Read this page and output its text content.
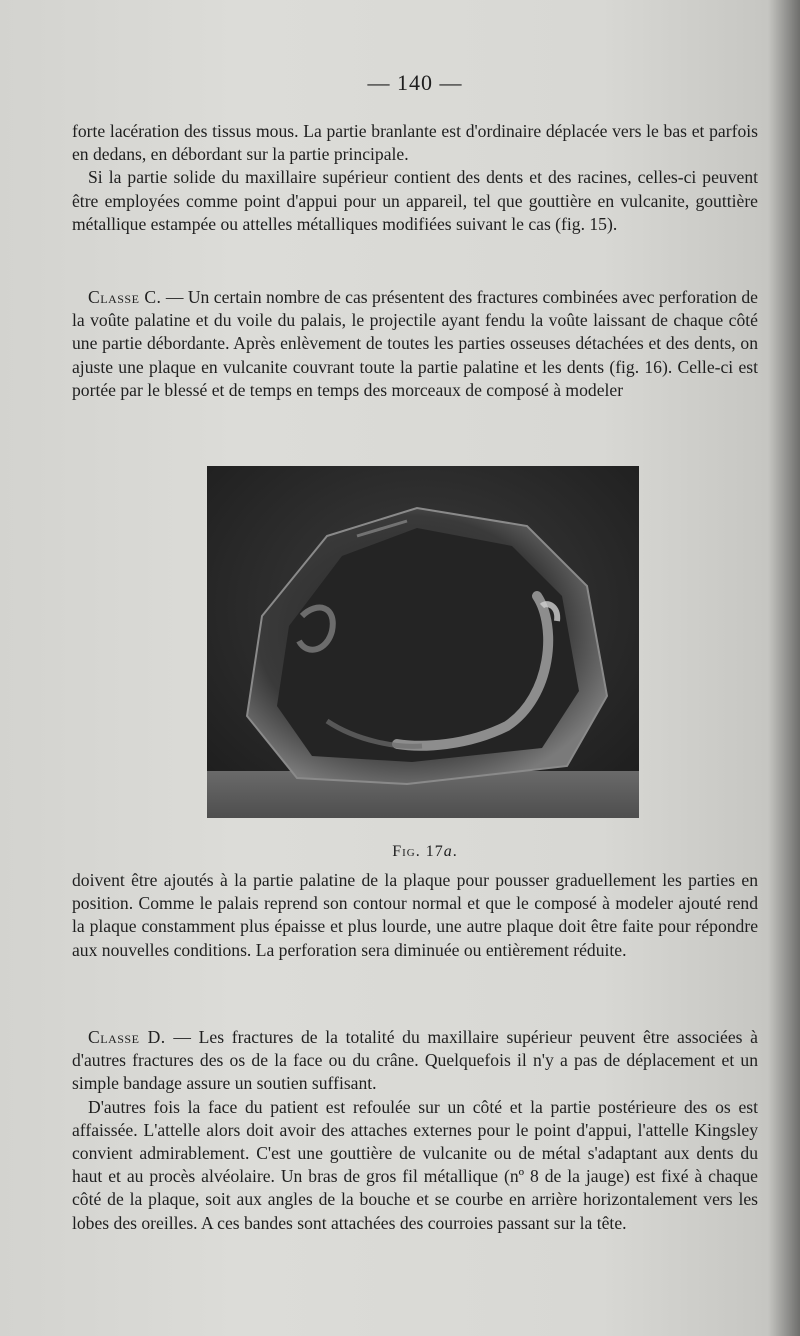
— 140 —

forte lacération des tissus mous. La partie branlante est d'ordinaire déplacée vers le bas et parfois en dedans, en débordant sur la partie principale.

Si la partie solide du maxillaire supérieur contient des dents et des racines, celles-ci peuvent être employées comme point d'appui pour un appareil, tel que gouttière en vulcanite, gouttière métallique estampée ou attelles métalliques modifiées suivant le cas (fig. 15).

Classe C. — Un certain nombre de cas présentent des fractures combinées avec perforation de la voûte palatine et du voile du palais, le projectile ayant fendu la voûte laissant de chaque côté une partie débordante. Après enlèvement de toutes les parties osseuses détachées et des dents, on ajuste une plaque en vulcanite couvrant toute la partie palatine et les dents (fig. 16). Celle-ci est portée par le blessé et de temps en temps des morceaux de composé à modeler

Fig. 17a.

doivent être ajoutés à la partie palatine de la plaque pour pousser graduellement les parties en position. Comme le palais reprend son contour normal et que le composé à modeler ajouté rend la plaque constamment plus épaisse et plus lourde, une autre plaque doit être faite pour répondre aux nouvelles conditions. La perforation sera diminuée ou entièrement réduite.

Classe D. — Les fractures de la totalité du maxillaire supérieur peuvent être associées à d'autres fractures des os de la face ou du crâne. Quelquefois il n'y a pas de déplacement et un simple bandage assure un soutien suffisant.

D'autres fois la face du patient est refoulée sur un côté et la partie postérieure des os est affaissée. L'attelle alors doit avoir des attaches externes pour le point d'appui, l'attelle Kingsley convient admirablement. C'est une gouttière de vulcanite ou de métal s'adaptant aux dents du haut et au procès alvéolaire. Un bras de gros fil métallique (nº 8 de la jauge) est fixé à chaque côté de la plaque, soit aux angles de la bouche et se courbe en arrière horizontalement vers les lobes des oreilles. A ces bandes sont attachées des courroies passant sur la tête.
